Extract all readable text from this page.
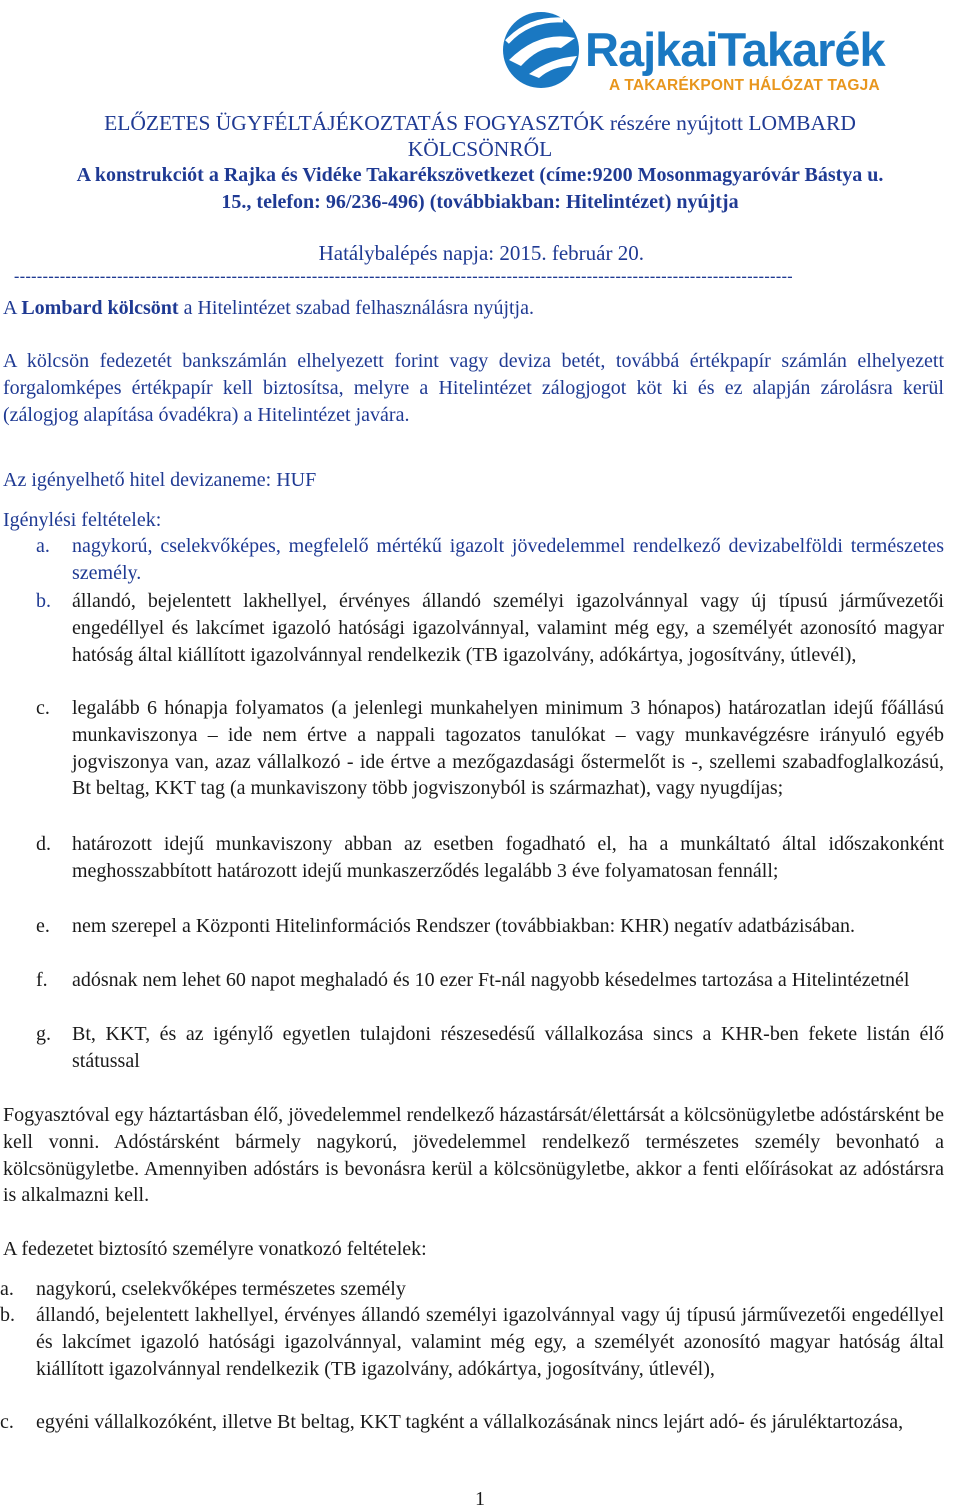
RajkaiTakarék
A TAKARÉKPONT HÁLÓZAT TAGJA
ELŐZETES ÜGYFÉLTÁJÉKOZTATÁS FOGYASZTÓK részére nyújtott LOMBARD
KÖLCSÖNRŐL
A konstrukciót a Rajka és Vidéke Takarékszövetkezet (címe:9200 Mosonmagyaróvár Bástya u.
15., telefon: 96/236-496) (továbbiakban: Hitelintézet) nyújtja
Hatálybalépés napja: 2015. február 20.
----------------------------------------------------------------------------------------------------------------------------------------
A Lombard kölcsönt a Hitelintézet szabad felhasználásra nyújtja.
A kölcsön fedezetét bankszámlán elhelyezett forint vagy deviza betét, továbbá értékpapír számlán elhelyezett forgalomképes értékpapír kell biztosítsa, melyre a Hitelintézet zálogjogot köt ki és ez alapján zárolásra kerül (zálogjog alapítása óvadékra) a Hitelintézet javára.
Az igényelhető hitel devizaneme: HUF
Igénylési feltételek:
a. nagykorú, cselekvőképes, megfelelő mértékű igazolt jövedelemmel rendelkező devizabelföldi természetes személy.
b. állandó, bejelentett lakhellyel, érvényes állandó személyi igazolvánnyal vagy új típusú járművezetői engedéllyel és lakcímet igazoló hatósági igazolvánnyal, valamint még egy, a személyét azonosító magyar hatóság által kiállított igazolvánnyal rendelkezik (TB igazolvány, adókártya, jogosítvány, útlevél),
c. legalább 6 hónapja folyamatos (a jelenlegi munkahelyen minimum 3 hónapos) határozatlan idejű főállású munkaviszonya – ide nem értve a nappali tagozatos tanulókat – vagy munkavégzésre irányuló egyéb jogviszonya van, azaz vállalkozó - ide értve a mezőgazdasági őstermelőt is -, szellemi szabadfoglalkozású, Bt beltag, KKT tag (a munkaviszony több jogviszonyból is származhat), vagy nyugdíjas;
d. határozott idejű munkaviszony abban az esetben fogadható el, ha a munkáltató által időszakonként meghosszabbított határozott idejű munkaszerződés legalább 3 éve folyamatosan fennáll;
e. nem szerepel a Központi Hitelinformációs Rendszer (továbbiakban: KHR) negatív adatbázisában.
f. adósnak nem lehet 60 napot meghaladó és 10 ezer Ft-nál nagyobb késedelmes tartozása a Hitelintézetnél
g. Bt, KKT, és az igénylő egyetlen tulajdoni részesedésű vállalkozása sincs a KHR-ben fekete listán élő státussal
Fogyasztóval egy háztartásban élő, jövedelemmel rendelkező házastársát/élettársát a kölcsönügyletbe adóstársként be kell vonni. Adóstársként bármely nagykorú, jövedelemmel rendelkező természetes személy bevonható a kölcsönügyletbe. Amennyiben adóstárs is bevonásra kerül a kölcsönügyletbe, akkor a fenti előírásokat az adóstársra is alkalmazni kell.
A fedezetet biztosító személyre vonatkozó feltételek:
a. nagykorú, cselekvőképes természetes személy
b. állandó, bejelentett lakhellyel, érvényes állandó személyi igazolvánnyal vagy új típusú járművezetői engedéllyel és lakcímet igazoló hatósági igazolvánnyal, valamint még egy, a személyét azonosító magyar hatóság által kiállított igazolvánnyal rendelkezik (TB igazolvány, adókártya, jogosítvány, útlevél),
c. egyéni vállalkozóként, illetve Bt beltag, KKT tagként a vállalkozásának nincs lejárt adó- és járuléktartozása,
1
